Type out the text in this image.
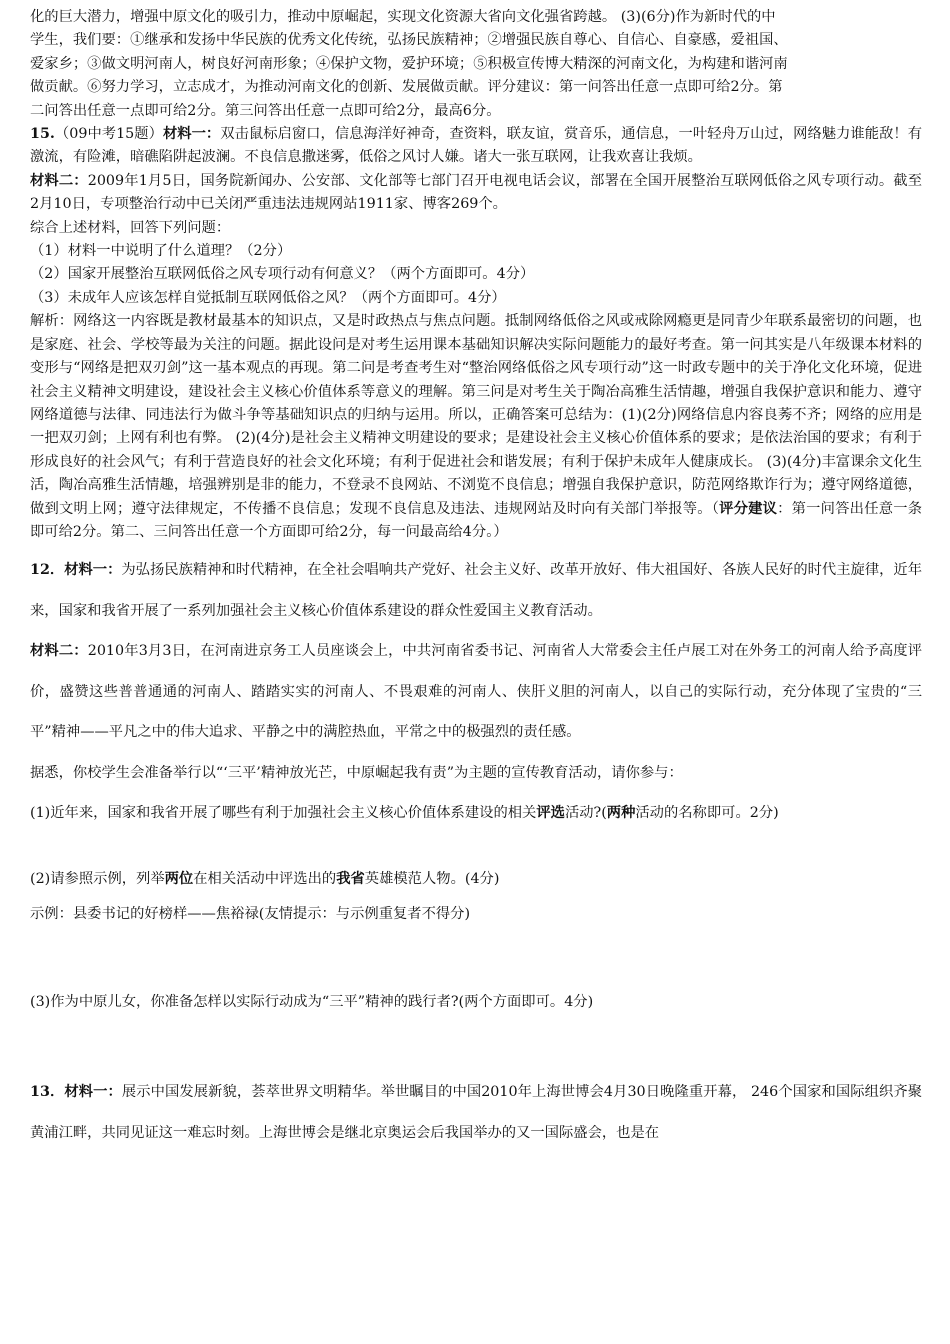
化的巨大潜力，增强中原文化的吸引力，推动中原崛起，实现文化资源大省向文化强省跨越。 (3)(6分)作为新时代的中

学生，我们要：①继承和发扬中华民族的优秀文化传统，弘扬民族精神；②增强民族自尊心、自信心、自豪感，爱祖国、

爱家乡；③做文明河南人，树良好河南形象；④保护文物，爱护环境；⑤积极宣传博大精深的河南文化，为构建和谐河南

做贡献。⑥努力学习，立志成才，为推动河南文化的创新、发展做贡献。评分建议：第一问答出任意一点即可给2分。第

二问答出任意一点即可给2分。第三问答出任意一点即可给2分，最高6分。

15.（09中考15题）材料一：双击鼠标启窗口，信息海洋好神奇，查资料，联友谊，赏音乐，通信息，一叶轻舟万山过，网络魅力谁能敌！有激流，有险滩，暗礁陷阱起波澜。不良信息撒迷雾，低俗之风讨人嫌。诸大一张互联网，让我欢喜让我烦。

材料二：2009年1月5日，国务院新闻办、公安部、文化部等七部门召开电视电话会议，部署在全国开展整治互联网低俗之风专项行动。截至2月10日，专项整治行动中已关闭严重违法违规网站1911家、博客269个。

综合上述材料，回答下列问题：

（1）材料一中说明了什么道理？（2分）

（2）国家开展整治互联网低俗之风专项行动有何意义？（两个方面即可。4分）

（3）未成年人应该怎样自觉抵制互联网低俗之风？（两个方面即可。4分）

解析：网络这一内容既是教材最基本的知识点，又是时政热点与焦点问题。抵制网络低俗之风或戒除网瘾更是同青少年联系最密切的问题，也是家庭、社会、学校等最为关注的问题。据此设问是对考生运用课本基础知识解决实际问题能力的最好考查。第一问其实是八年级课本材料的变形与“网络是把双刃剑”这一基本观点的再现。第二问是考查考生对“整治网络低俗之风专项行动”这一时政专题中的关于净化文化环境，促进社会主义精神文明建设，建设社会主义核心价值体系等意义的理解。第三问是对考生关于陶冶高雅生活情趣，增强自我保护意识和能力、遵守网络道德与法律、同违法行为做斗争等基础知识点的归纳与运用。所以，正确答案可总结为：(1)(2分)网络信息内容良莠不齐；网络的应用是一把双刃剑；上网有利也有弊。 (2)(4分)是社会主义精神文明建设的要求；是建设社会主义核心价值体系的要求；是依法治国的要求；有利于形成良好的社会风气；有利于营造良好的社会文化环境；有利于促进社会和谐发展；有利于保护未成年人健康成长。 (3)(4分)丰富课余文化生活，陶冶高雅生活情趣，培强辨别是非的能力，不登录不良网站、不浏览不良信息；增强自我保护意识，防范网络欺诈行为；遵守网络道德，做到文明上网；遵守法律规定，不传播不良信息；发现不良信息及违法、违规网站及时向有关部门举报等。（评分建议：第一问答出任意一条即可给2分。第二、三问答出任意一个方面即可给2分，每一问最高给4分。）

12．材料一：为弘扬民族精神和时代精神，在全社会唱响共产党好、社会主义好、改革开放好、伟大祖国好、各族人民好的时代主旋律，近年来，国家和我省开展了一系列加强社会主义核心价值体系建设的群众性爱国主义教育活动。

材料二：2010年3月3日，在河南进京务工人员座谈会上，中共河南省委书记、河南省人大常委会主任卢展工对在外务工的河南人给予高度评价，盛赞这些普普通通的河南人、踏踏实实的河南人、不畏艰难的河南人、侠肝义胆的河南人，以自己的实际行动，充分体现了宝贵的“三平”精神——平凡之中的伟大追求、平静之中的满腔热血，平常之中的极强烈的责任感。

据悉，你校学生会准备举行以“‘三平’精神放光芒，中原崛起我有责”为主题的宣传教育活动，请你参与：

(1)近年来，国家和我省开展了哪些有利于加强社会主义核心价值体系建设的相关评选活动?(两种活动的名称即可。2分)

(2)请参照示例，列举两位在相关活动中评选出的我省英雄模范人物。(4分)

示例：县委书记的好榜样——焦裕禄(友情提示：与示例重复者不得分)

(3)作为中原儿女，你准备怎样以实际行动成为“三平”精神的践行者?(两个方面即可。4分)

13．材料一：展示中国发展新貌，荟萃世界文明精华。举世瞩目的中国2010年上海世博会4月30日晚隆重开幕， 246个国家和国际组织齐聚黄浦江畔，共同见证这一难忘时刻。上海世博会是继北京奥运会后我国举办的又一国际盛会，也是在
